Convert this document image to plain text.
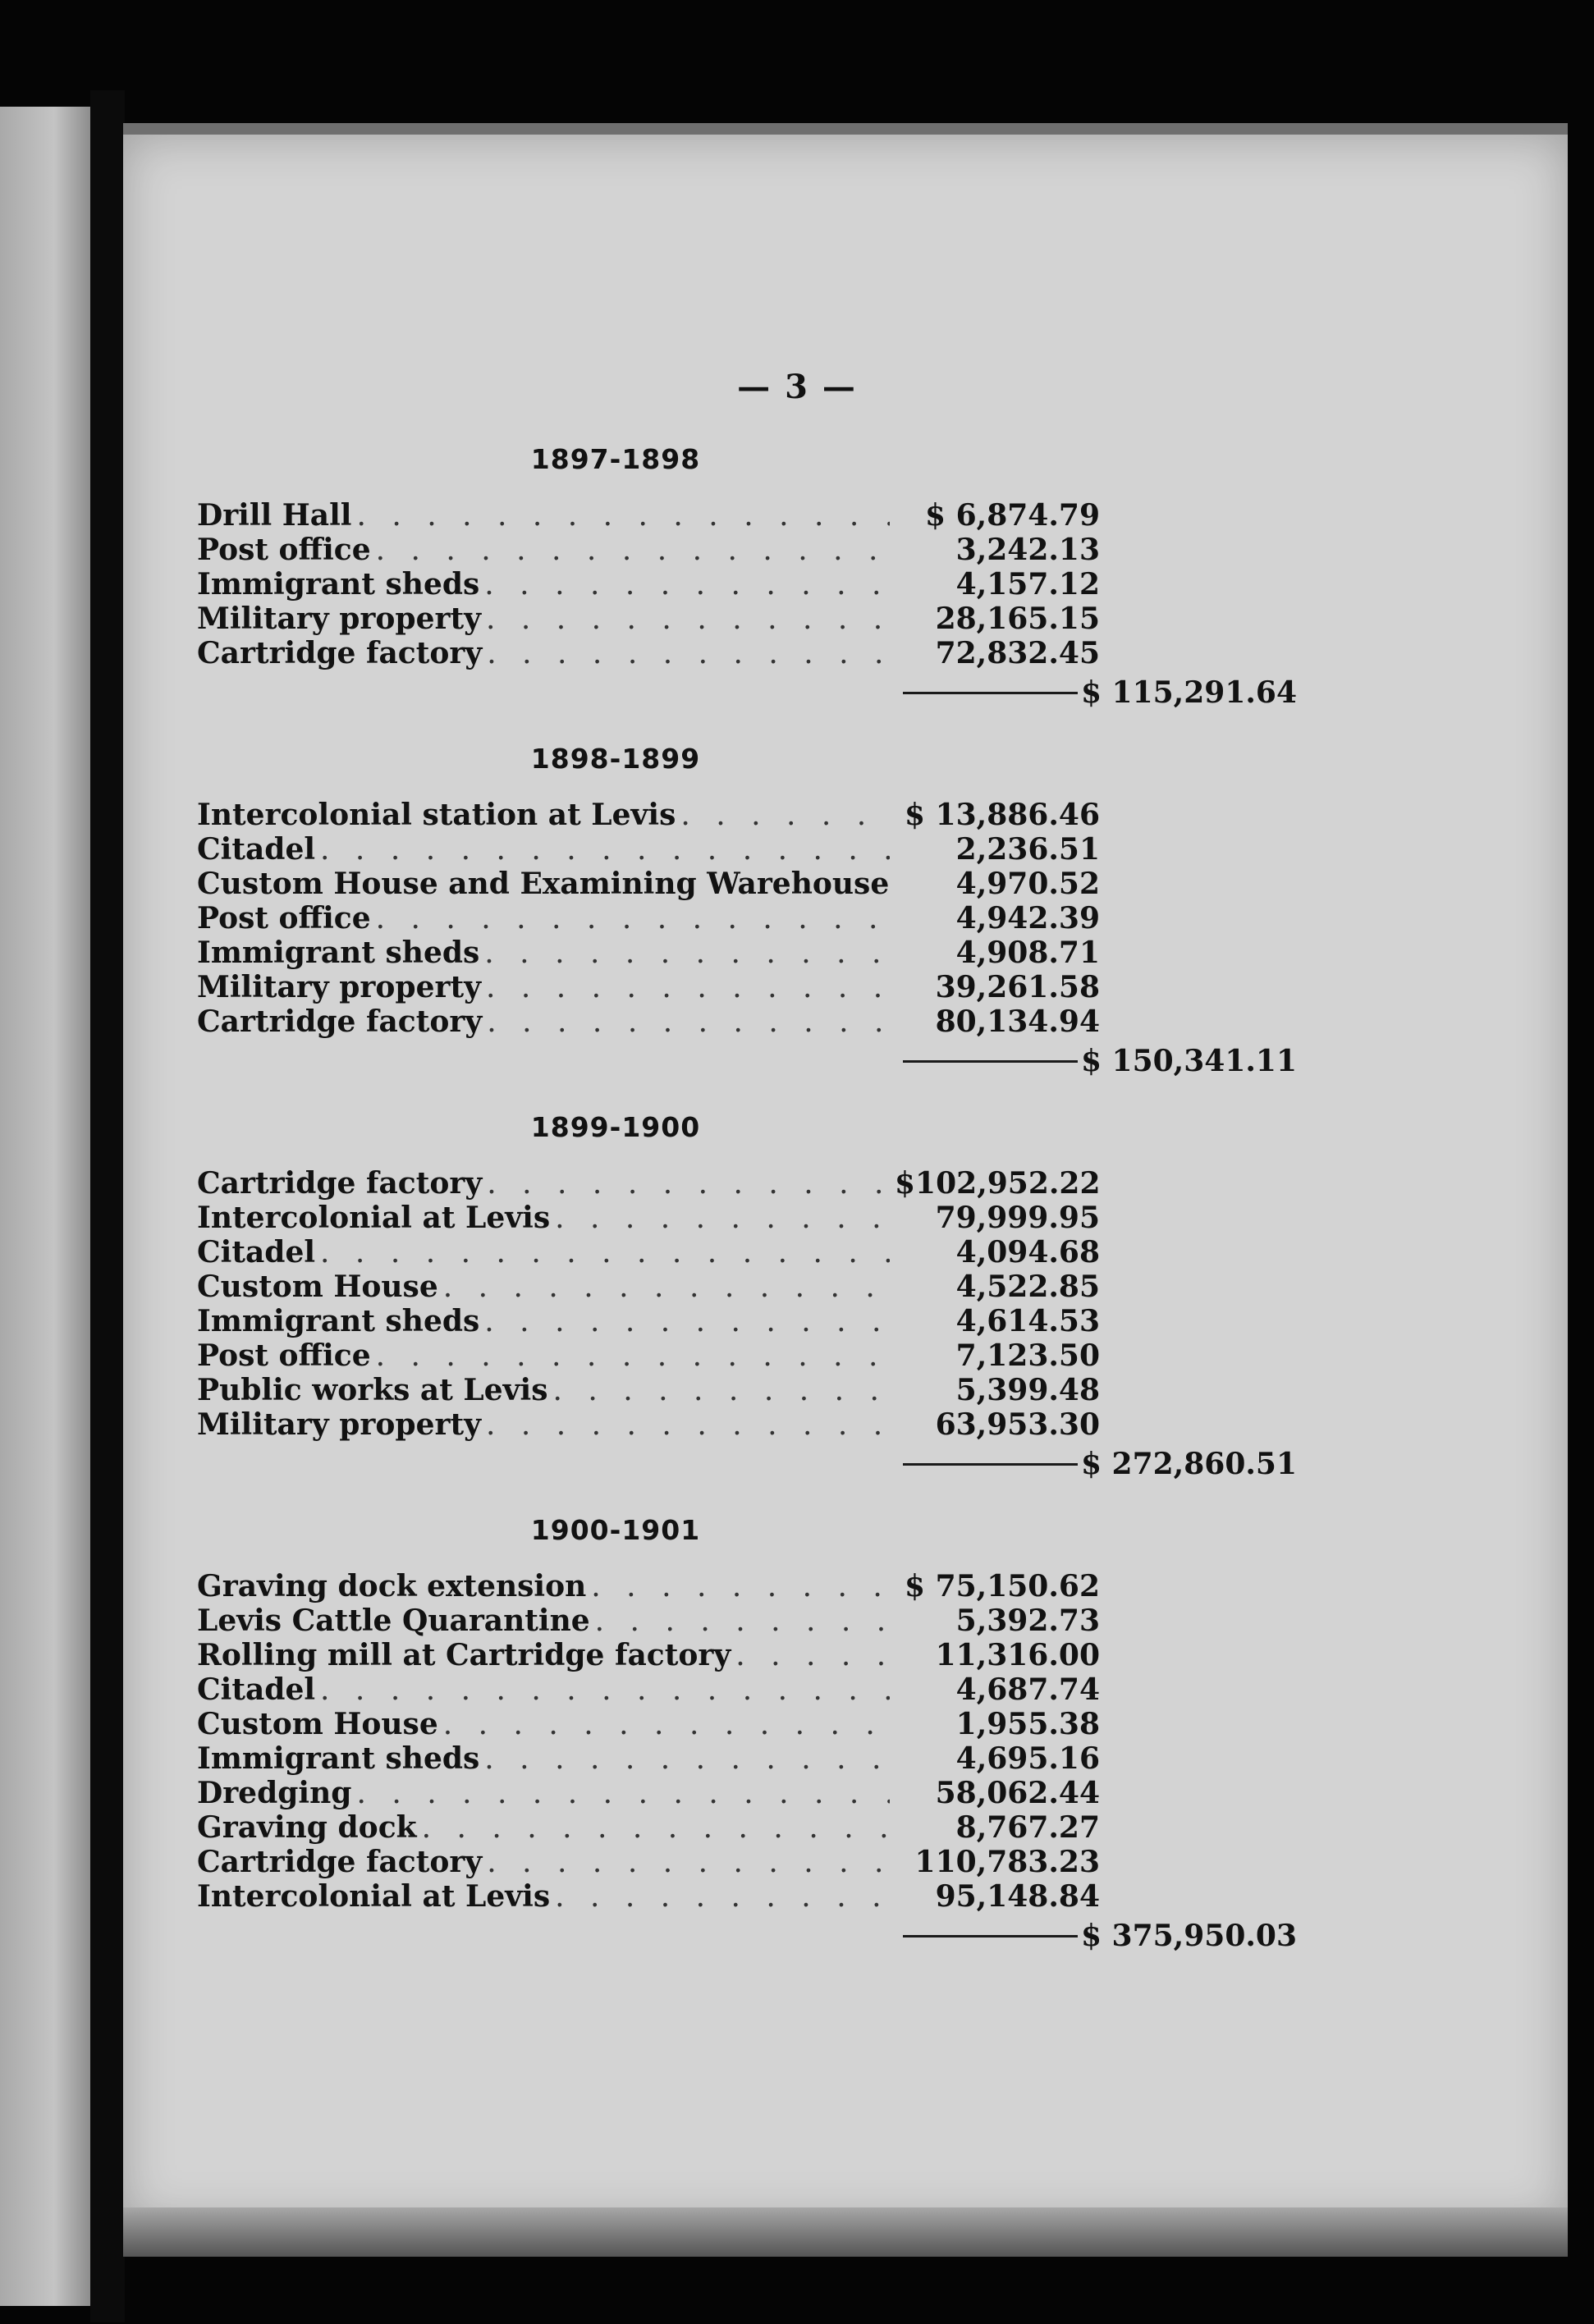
— 3 —
1897-1898
Drill Hall . . .	$ 6,874.79
Post office . . .	3,242.13
Immigrant sheds . . .	4,157.12
Military property . . .	28,165.15
Cartridge factory . . .	72,832.45
$ 115,291.64
1898-1899
Intercolonial station at Levis . . .	$ 13,886.46
Citadel . . .	2,236.51
Custom House and Examining Warehouse	4,970.52
Post office . . .	4,942.39
Immigrant sheds . . .	4,908.71
Military property . . .	39,261.58
Cartridge factory . . .	80,134.94
$ 150,341.11
1899-1900
Cartridge factory . . .	$102,952.22
Intercolonial at Levis . . .	79,999.95
Citadel . . .	4,094.68
Custom House . . .	4,522.85
Immigrant sheds . . .	4,614.53
Post office . . .	7,123.50
Public works at Levis . . .	5,399.48
Military property . . .	63,953.30
$ 272,860.51
1900-1901
Graving dock extension . . .	$ 75,150.62
Levis Cattle Quarantine . . .	5,392.73
Rolling mill at Cartridge factory . . .	11,316.00
Citadel . . .	4,687.74
Custom House . . .	1,955.38
Immigrant sheds . . .	4,695.16
Dredging . . .	58,062.44
Graving dock . . .	8,767.27
Cartridge factory . . .	110,783.23
Intercolonial at Levis . . .	95,148.84
$ 375,950.03
